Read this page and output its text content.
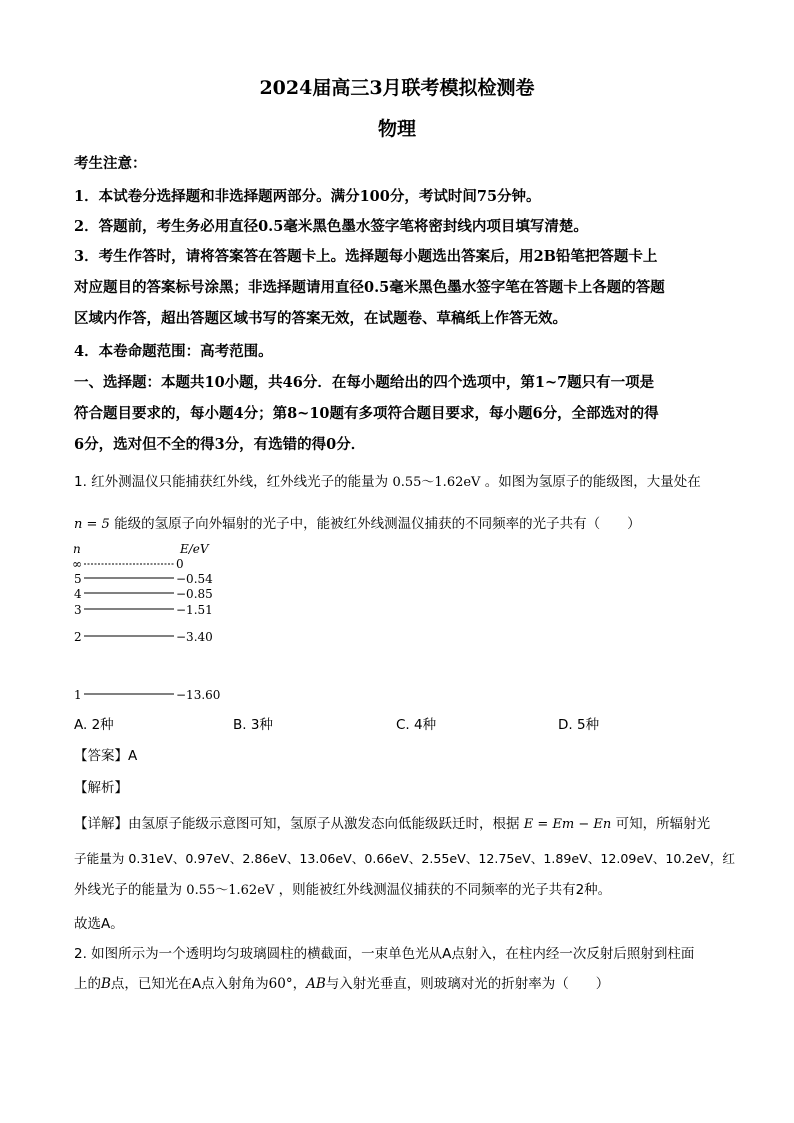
2024届高三3月联考模拟检测卷
物理
考生注意：
1．本试卷分选择题和非选择题两部分。满分100分，考试时间75分钟。
2．答题前，考生务必用直径0.5毫米黑色墨水签字笔将密封线内项目填写清楚。
3．考生作答时，请将答案答在答题卡上。选择题每小题选出答案后，用2B铅笔把答题卡上
对应题目的答案标号涂黑；非选择题请用直径0.5毫米黑色墨水签字笔在答题卡上各题的答题
区域内作答，超出答题区域书写的答案无效，在试题卷、草稿纸上作答无效。
4．本卷命题范围：高考范围。
一、选择题：本题共10小题，共46分．在每小题给出的四个选项中，第1~7题只有一项是
符合题目要求的，每小题4分；第8~10题有多项符合题目要求，每小题6分，全部选对的得
6分，选对但不全的得3分，有选错的得0分．
1. 红外测温仪只能捕获红外线，红外线光子的能量为 0.55～1.62eV 。如图为氢原子的能级图，大量处在
n = 5 能级的氢原子向外辐射的光子中，能被红外线测温仪捕获的不同频率的光子共有（　　）
n	E/eV
∞	0
5	−0.54
4	−0.85
3	−1.51
2	−3.40
1	−13.60
A. 2种	B. 3种	C. 4种	D. 5种
【答案】A
【解析】
【详解】由氢原子能级示意图可知，氢原子从激发态向低能级跃迁时，根据 E = Em − En 可知，所辐射光
子能量为 0.31eV、0.97eV、2.86eV、13.06eV、0.66eV、2.55eV、12.75eV、1.89eV、12.09eV、10.2eV，红
外线光子的能量为 0.55～1.62eV ，则能被红外线测温仪捕获的不同频率的光子共有2种。
故选A。
2. 如图所示为一个透明均匀玻璃圆柱的横截面，一束单色光从A点射入，在柱内经一次反射后照射到柱面
上的B点，已知光在A点入射角为60°，AB与入射光垂直，则玻璃对光的折射率为（　　）
